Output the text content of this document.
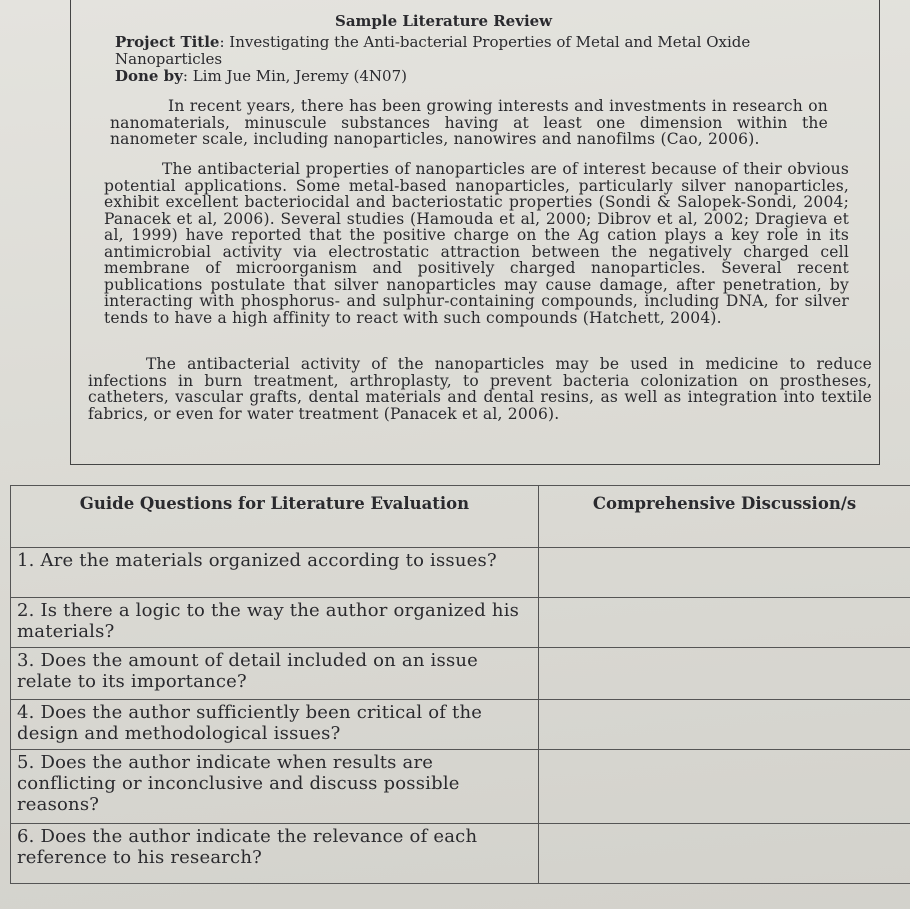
Sample Literature Review
Project Title: Investigating the Anti-bacterial Properties of Metal and Metal Oxide Nanoparticles
Done by: Lim Jue Min, Jeremy (4N07)
In recent years, there has been growing interests and investments in research on nanomaterials, minuscule substances having at least one dimension within the nanometer scale, including nanoparticles, nanowires and nanofilms (Cao, 2006).
The antibacterial properties of nanoparticles are of interest because of their obvious potential applications. Some metal-based nanoparticles, particularly silver nanoparticles, exhibit excellent bacteriocidal and bacteriostatic properties (Sondi & Salopek-Sondi, 2004; Panacek et al, 2006). Several studies (Hamouda et al, 2000; Dibrov et al, 2002; Dragieva et al, 1999) have reported that the positive charge on the Ag cation plays a key role in its antimicrobial activity via electrostatic attraction between the negatively charged cell membrane of microorganism and positively charged nanoparticles. Several recent publications postulate that silver nanoparticles may cause damage, after penetration, by interacting with phosphorus- and sulphur-containing compounds, including DNA, for silver tends to have a high affinity to react with such compounds (Hatchett, 2004).
The antibacterial activity of the nanoparticles may be used in medicine to reduce infections in burn treatment, arthroplasty, to prevent bacteria colonization on prostheses, catheters, vascular grafts, dental materials and dental resins, as well as integration into textile fabrics, or even for water treatment (Panacek et al, 2006).
Guide Questions for Literature Evaluation	Comprehensive Discussion/s
1. Are the materials organized according to issues?	
2. Is there a logic to the way the author organized his materials?	
3. Does the amount of detail included on an issue relate to its importance?	
4. Does the author sufficiently been critical of the design and methodological issues?	
5. Does the author indicate when results are conflicting or inconclusive and discuss possible reasons?	
6. Does the author indicate the relevance of each reference to his research?	
